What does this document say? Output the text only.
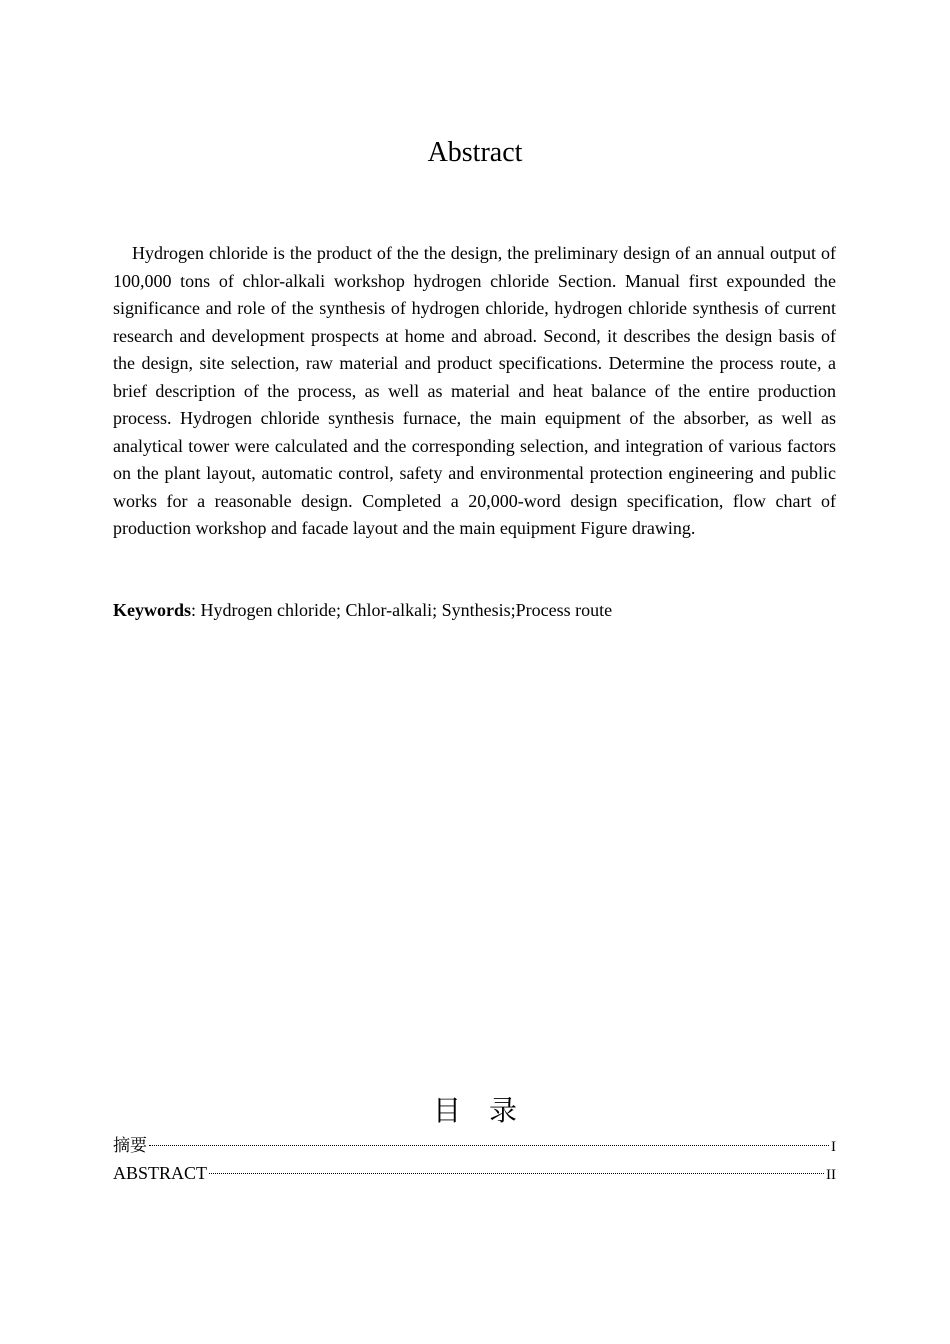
Abstract

Hydrogen chloride is the product of the the design, the preliminary design of an annual output of 100,000 tons of chlor-alkali workshop hydrogen chloride Section. Manual first expounded the significance and role of the synthesis of hydrogen chloride, hydrogen chloride synthesis of current research and development prospects at home and abroad. Second, it describes the design basis of the design, site selection, raw material and product specifications. Determine the process route, a brief description of the process, as well as material and heat balance of the entire production process. Hydrogen chloride synthesis furnace, the main equipment of the absorber, as well as analytical tower were calculated and the corresponding selection, and integration of various factors on the plant layout, automatic control, safety and environmental protection engineering and public works for a reasonable design. Completed a 20,000-word design specification, flow chart of production workshop and facade layout and the main equipment Figure drawing.

Keywords: Hydrogen chloride; Chlor-alkali; Synthesis;Process route

目录
摘要	I
ABSTRACT	II
